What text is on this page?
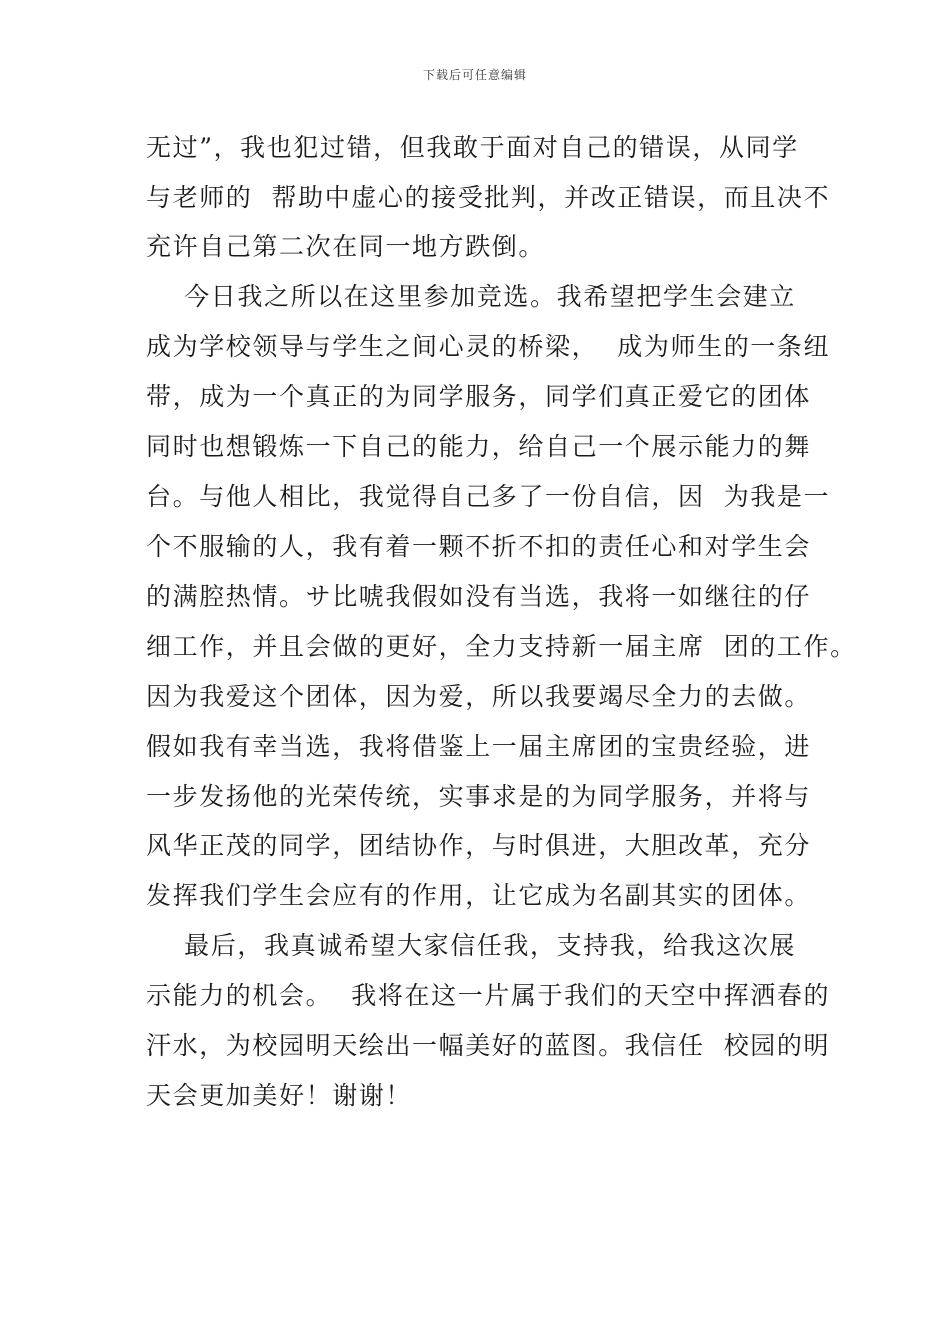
下载后可任意编辑
无过”，我也犯过错，但我敢于面对自己的错误，从同学
与老师的  帮助中虚心的接受批判，并改正错误，而且决不
充许自己第二次在同一地方跌倒。
今日我之所以在这里参加竞选。我希望把学生会建立
成为学校领导与学生之间心灵的桥梁，  成为师生的一条纽
带，成为一个真正的为同学服务，同学们真正爱它的团体
同时也想锻炼一下自己的能力，给自己一个展示能力的舞
台。与他人相比，我觉得自己多了一份自信，因  为我是一
个不服输的人，我有着一颗不折不扣的责任心和对学生会
的满腔热情。サ比唬我假如没有当选，我将一如继往的仔
细工作，并且会做的更好，全力支持新一届主席  团的工作。
因为我爱这个团体，因为爱，所以我要竭尽全力的去做。
假如我有幸当选，我将借鉴上一届主席团的宝贵经验，进
一步发扬他的光荣传统，实事求是的为同学服务，并将与
风华正茂的同学，团结协作，与时俱进，大胆改革，充分
发挥我们学生会应有的作用，让它成为名副其实的团体。
最后，我真诚希望大家信任我，支持我，给我这次展
示能力的机会。  我将在这一片属于我们的天空中挥洒春的
汗水，为校园明天绘出一幅美好的蓝图。我信任  校园的明
天会更加美好！谢谢！
